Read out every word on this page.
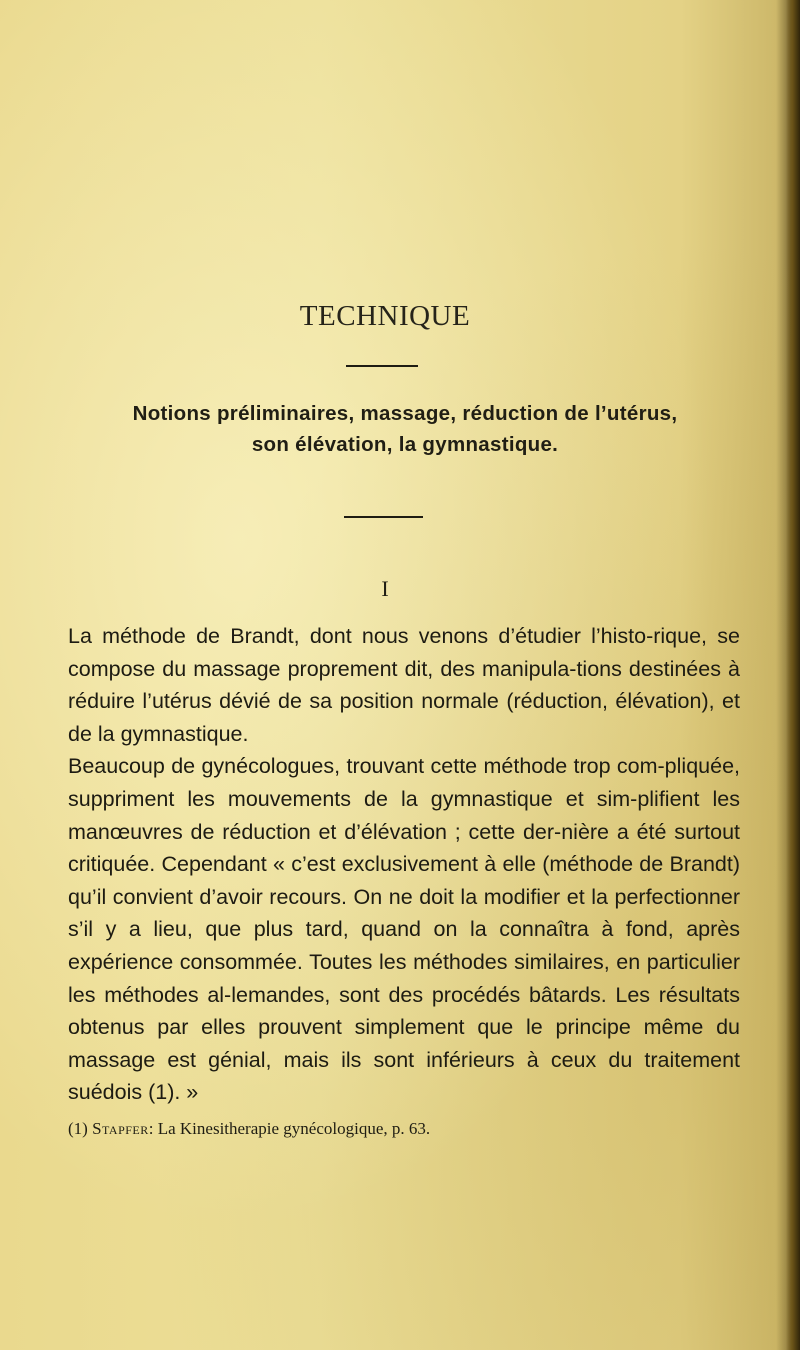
TECHNIQUE
Notions préliminaires, massage, réduction de l’utérus,
son élévation, la gymnastique.
I

La méthode de Brandt, dont nous venons d’étudier l’histo-rique, se compose du massage proprement dit, des manipula-tions destinées à réduire l’utérus dévié de sa position normale (réduction, élévation), et de la gymnastique.

Beaucoup de gynécologues, trouvant cette méthode trop com-pliquée, suppriment les mouvements de la gymnastique et sim-plifient les manœuvres de réduction et d’élévation ; cette der-nière a été surtout critiquée. Cependant « c’est exclusivement à elle (méthode de Brandt) qu’il convient d’avoir recours. On ne doit la modifier et la perfectionner s’il y a lieu, que plus tard, quand on la connaîtra à fond, après expérience consommée. Toutes les méthodes similaires, en particulier les méthodes al-lemandes, sont des procédés bâtards. Les résultats obtenus par elles prouvent simplement que le principe même du massage est génial, mais ils sont inférieurs à ceux du traitement suédois (1). »

(1) Stapfer: La Kinesitherapie gynécologique, p. 63.
